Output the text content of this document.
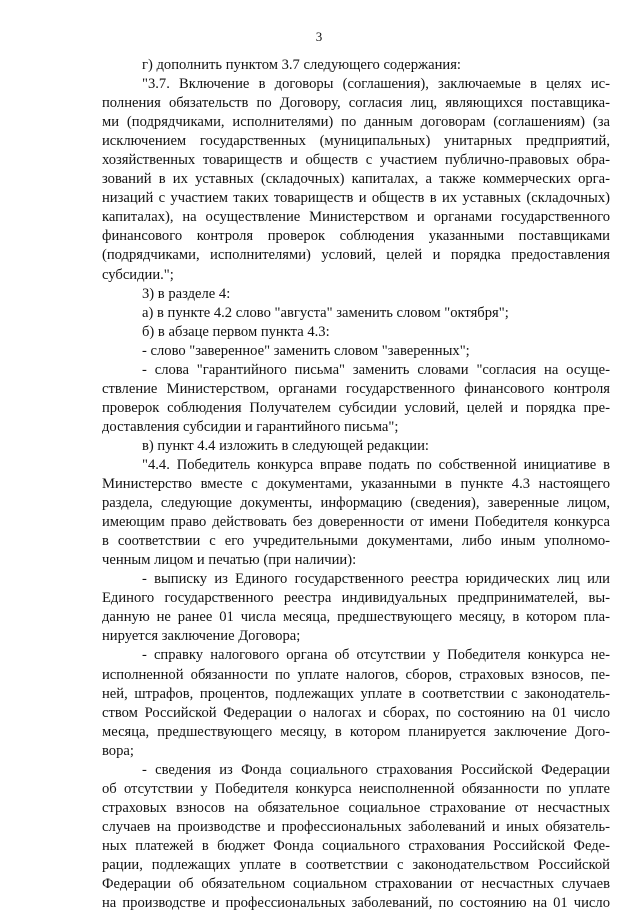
3
г) дополнить пунктом 3.7 следующего содержания:
"3.7. Включение в договоры (соглашения), заключаемые в целях ис-
полнения обязательств по Договору, согласия лиц, являющихся поставщика-
ми (подрядчиками, исполнителями) по данным договорам (соглашениям) (за
исключением государственных (муниципальных) унитарных предприятий,
хозяйственных товариществ и обществ с участием публично-правовых обра-
зований в их уставных (складочных) капиталах, а также коммерческих орга-
низаций с участием таких товариществ и обществ в их уставных (складочных)
капиталах), на осуществление Министерством и органами государственного
финансового контроля проверок соблюдения указанными поставщиками
(подрядчиками, исполнителями) условий, целей и порядка предоставления
субсидии.";
3) в разделе 4:
а) в пункте 4.2 слово "августа" заменить словом "октября";
б) в абзаце первом пункта 4.3:
- слово "заверенное" заменить словом "заверенных";
- слова "гарантийного письма" заменить словами "согласия на осуще-
ствление Министерством, органами государственного финансового контроля
проверок соблюдения Получателем субсидии условий, целей и порядка пре-
доставления субсидии и гарантийного письма";
в) пункт 4.4 изложить в следующей редакции:
"4.4. Победитель конкурса вправе подать по собственной инициативе в
Министерство вместе с документами, указанными в пункте 4.3 настоящего
раздела, следующие документы, информацию (сведения), заверенные лицом,
имеющим право действовать без доверенности от имени Победителя конкурса
в соответствии с его учредительными документами, либо иным уполномо-
ченным лицом и печатью (при наличии):
- выписку из Единого государственного реестра юридических лиц или
Единого государственного реестра индивидуальных предпринимателей, вы-
данную не ранее 01 числа месяца, предшествующего месяцу, в котором пла-
нируется заключение Договора;
- справку налогового органа об отсутствии у Победителя конкурса не-
исполненной обязанности по уплате налогов, сборов, страховых взносов, пе-
ней, штрафов, процентов, подлежащих уплате в соответствии с законодатель-
ством Российской Федерации о налогах и сборах, по состоянию на 01 число
месяца, предшествующего месяцу, в котором планируется заключение Дого-
вора;
- сведения из Фонда социального страхования Российской Федерации
об отсутствии у Победителя конкурса неисполненной обязанности по уплате
страховых взносов на обязательное социальное страхование от несчастных
случаев на производстве и профессиональных заболеваний и иных обязатель-
ных платежей в бюджет Фонда социального страхования Российской Феде-
рации, подлежащих уплате в соответствии с законодательством Российской
Федерации об обязательном социальном страховании от несчастных случаев
на производстве и профессиональных заболеваний, по состоянию на 01 число
